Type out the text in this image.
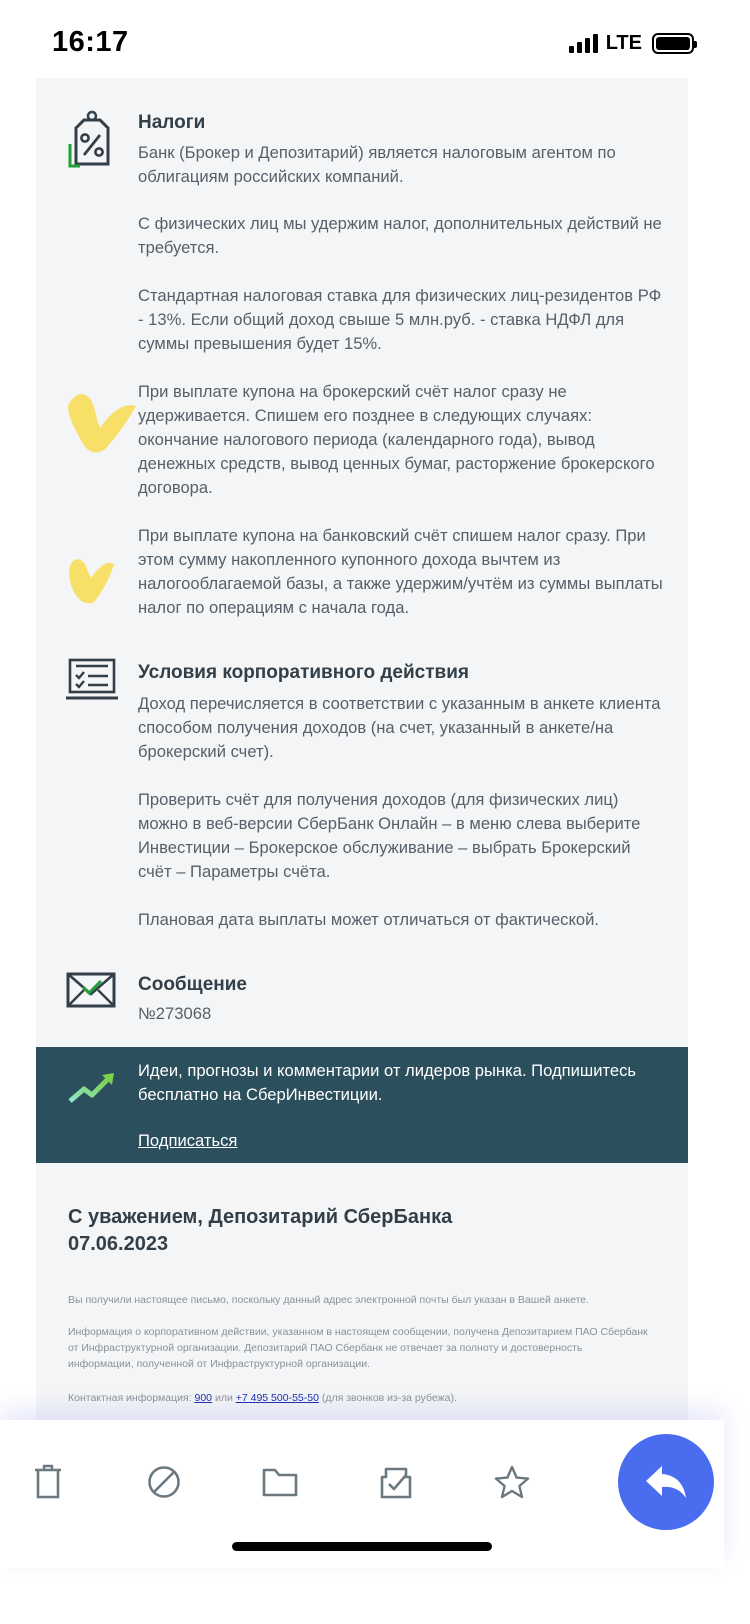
16:17	LTE
Налоги
Банк (Брокер и Депозитарий) является налоговым агентом по облигациям российских компаний.
С физических лиц мы удержим налог, дополнительных действий не требуется.
Стандартная налоговая ставка для физических лиц-резидентов РФ - 13%. Если общий доход свыше 5 млн.руб. - ставка НДФЛ для суммы превышения будет 15%.
При выплате купона на брокерский счёт налог сразу не удерживается. Спишем его позднее в следующих случаях: окончание налогового периода (календарного года), вывод денежных средств, вывод ценных бумаг, расторжение брокерского договора.
При выплате купона на банковский счёт спишем налог сразу. При этом сумму накопленного купонного дохода вычтем из налогооблагаемой базы, а также удержим/учтём из суммы выплаты налог по операциям с начала года.
Условия корпоративного действия
Доход перечисляется в соответствии с указанным в анкете клиента способом получения доходов (на счет, указанный в анкете/на брокерский счет).
Проверить счёт для получения доходов (для физических лиц) можно в веб-версии СберБанк Онлайн – в меню слева выберите Инвестиции – Брокерское обслуживание – выбрать Брокерский счёт – Параметры счёта.
Плановая дата выплаты может отличаться от фактической.
Сообщение
№273068
Идеи, прогнозы и комментарии от лидеров рынка. Подпишитесь бесплатно на СберИнвестиции.
Подписаться
С уважением, Депозитарий СберБанка
07.06.2023
Вы получили настоящее письмо, поскольку данный адрес электронной почты был указан в Вашей анкете.
Информация о корпоративном действии, указанном в настоящем сообщении, получена Депозитарием ПАО Сбербанк от Инфраструктурной организации. Депозитарий ПАО Сбербанк не отвечает за полноту и достоверность информации, полученной от Инфраструктурной организации.
Контактная информация: 900 или +7 495 500-55-50 (для звонков из-за рубежа).
